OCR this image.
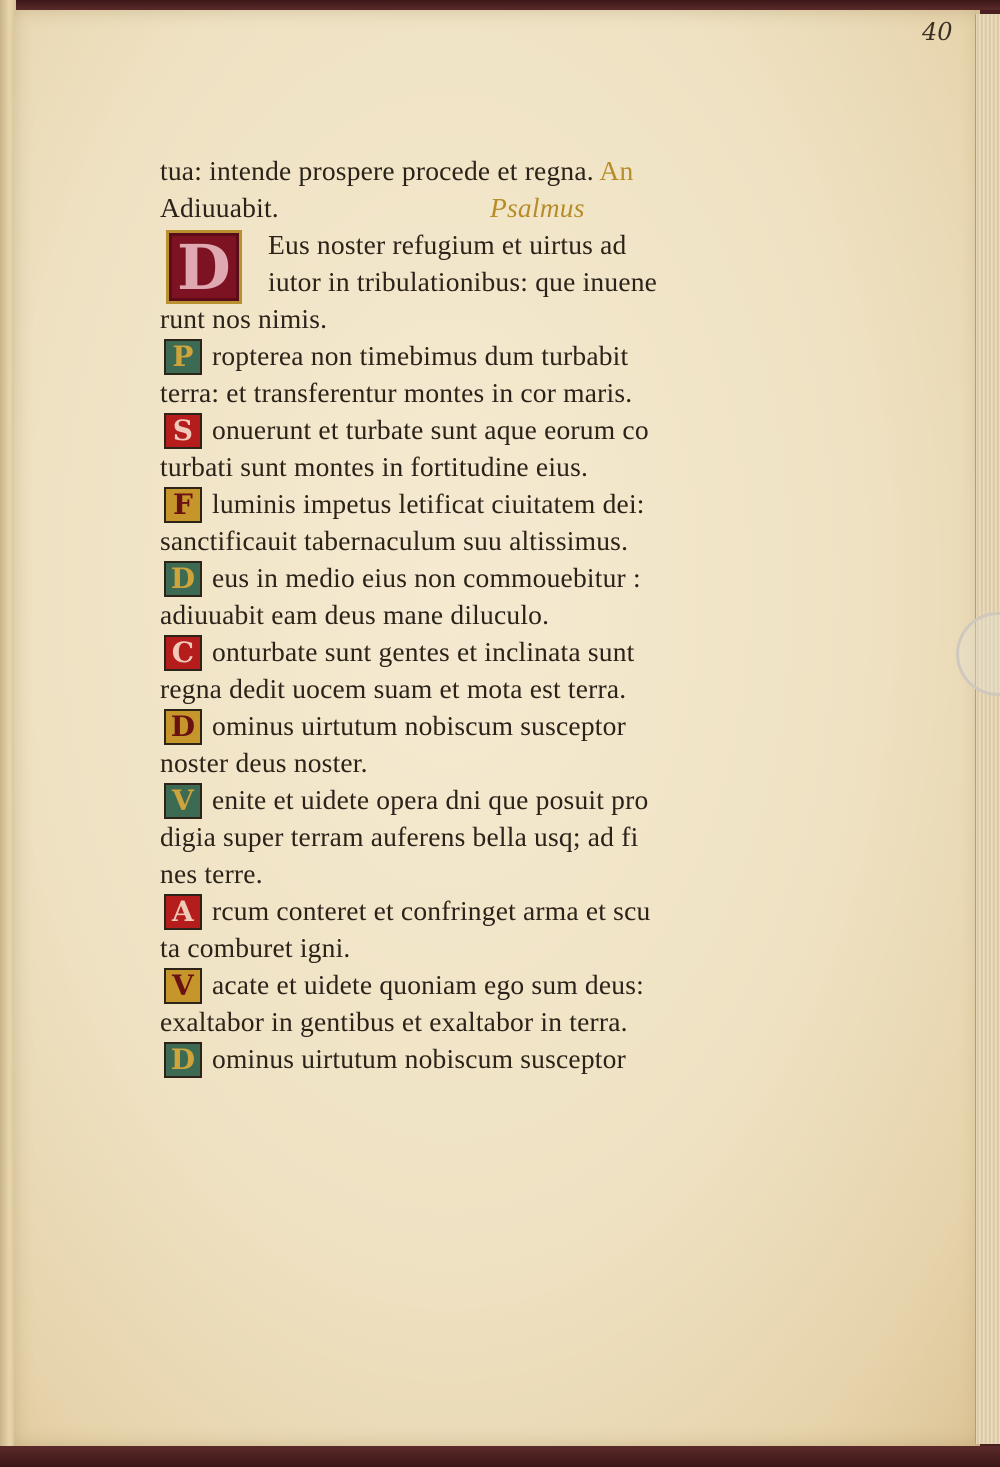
40
tua: intende prospere procede et regna. An
Adiuuabit.	Psalmus
D	Eus noster refugium et uirtus ad
iutor in tribulationibus: que inuene
runt nos nimis.
P ropterea non timebimus dum turbabit
terra: et transferentur montes in cor maris.
S onuerunt et turbate sunt aque eorum co
turbati sunt montes in fortitudine eius.
F luminis impetus letificat ciuitatem dei:
sanctificauit tabernaculum suu altissimus.
D eus in medio eius non commouebitur :
adiuuabit eam deus mane diluculo.
C onturbate sunt gentes et inclinata sunt
regna dedit uocem suam et mota est terra.
D ominus uirtutum nobiscum susceptor
noster deus noster.
V enite et uidete opera dni que posuit pro
digia super terram auferens bella usq; ad fi
nes terre.
A rcum conteret et confringet arma et scu
ta comburet igni.
V acate et uidete quoniam ego sum deus:
exaltabor in gentibus et exaltabor in terra.
D ominus uirtutum nobiscum susceptor
